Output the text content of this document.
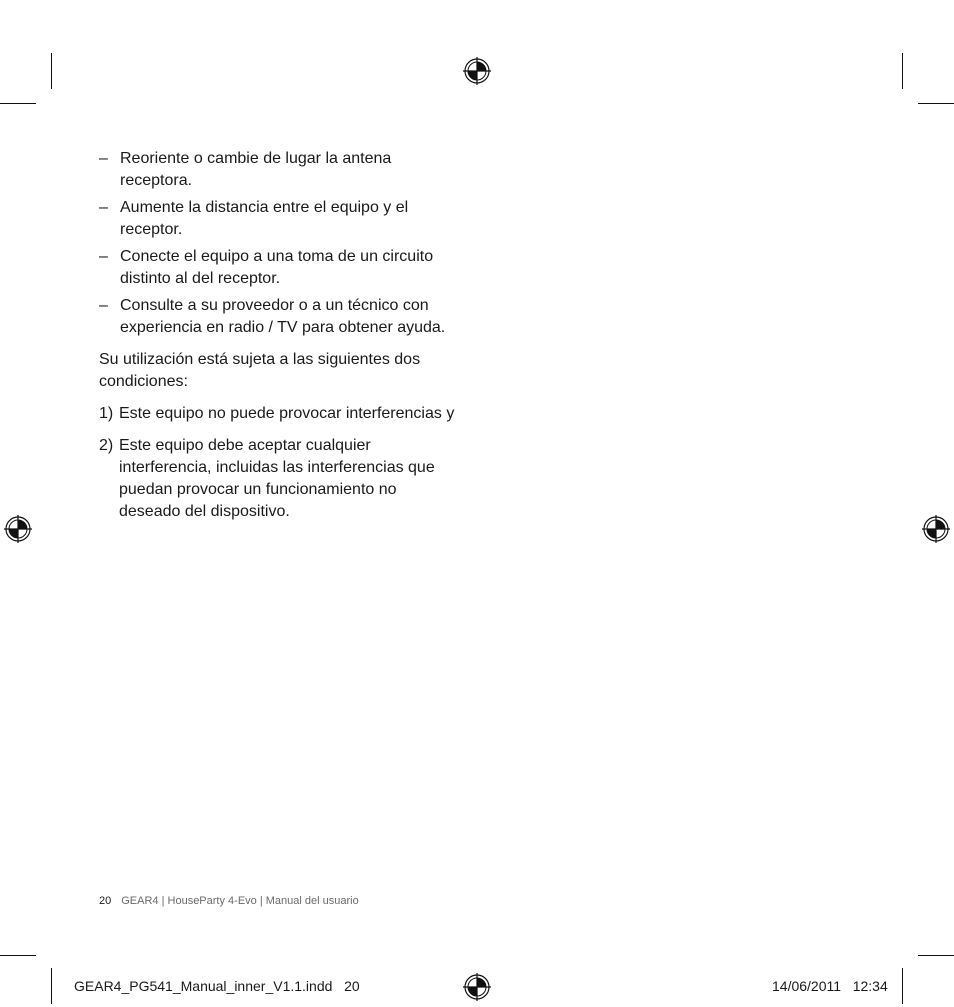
– Reoriente o cambie de lugar la antena receptora.
– Aumente la distancia entre el equipo y el receptor.
– Conecte el equipo a una toma de un circuito distinto al del receptor.
– Consulte a su proveedor o a un técnico con experiencia en radio / TV para obtener ayuda.

Su utilización está sujeta a las siguientes dos condiciones:

1) Este equipo no puede provocar interferencias y
2) Este equipo debe aceptar cualquier interferencia, incluidas las interferencias que puedan provocar un funcionamiento no deseado del dispositivo.
20 GEAR4 | HouseParty 4-Evo | Manual del usuario
GEAR4_PG541_Manual_inner_V1.1.indd   20	14/06/2011   12:34
